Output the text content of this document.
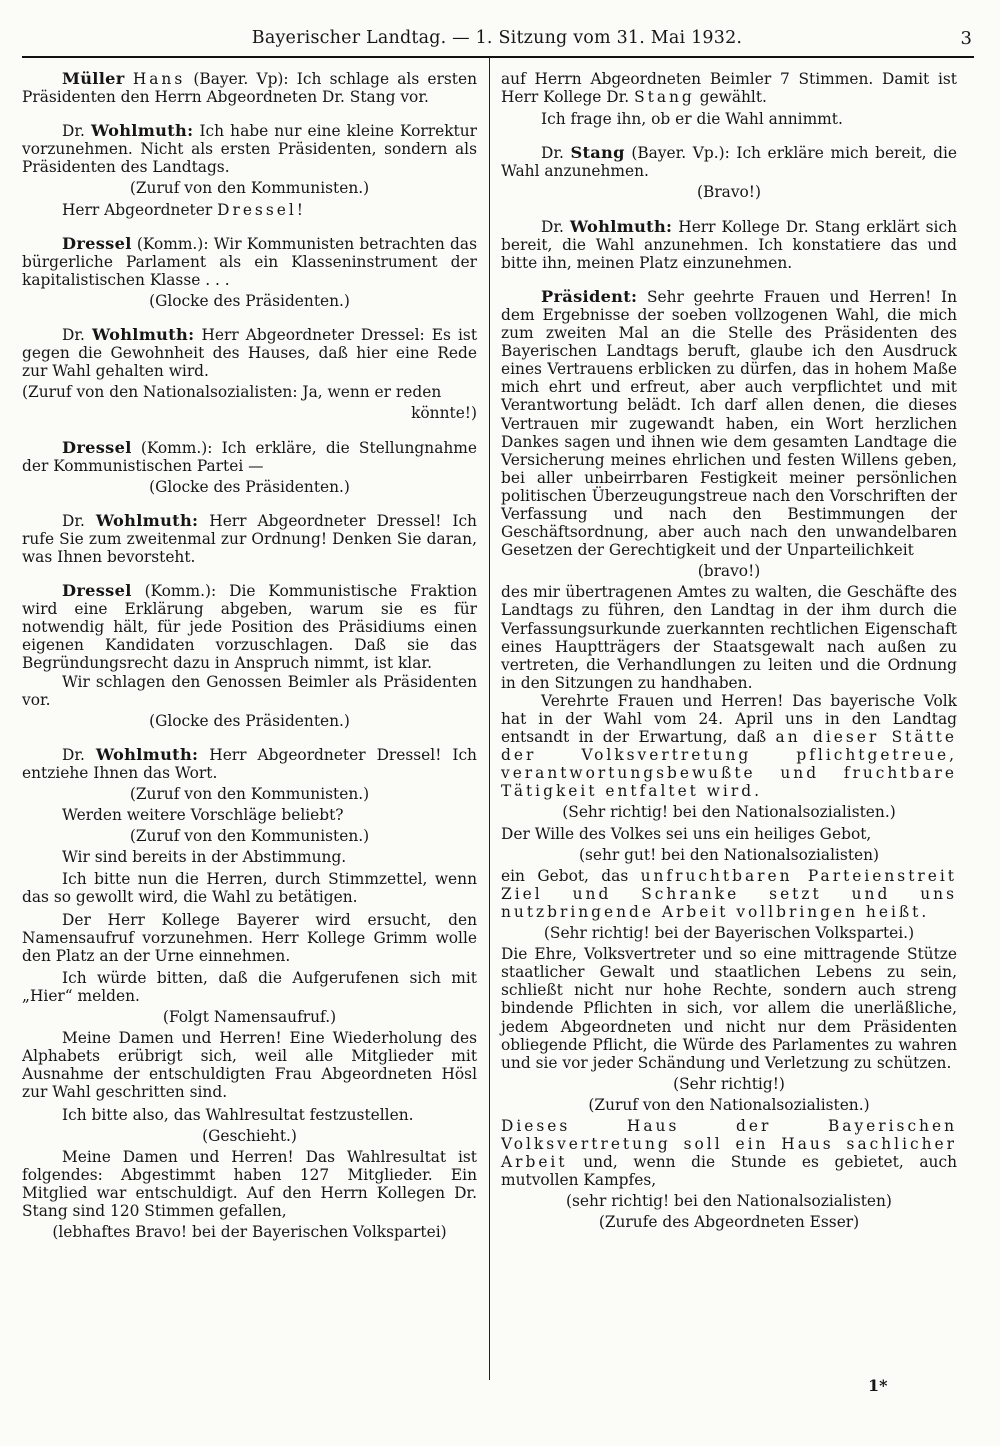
Bayerischer Landtag. — 1. Sitzung vom 31. Mai 1932.	3

Müller Hans (Bayer. Vp): Ich schlage als ersten Präsidenten den Herrn Abgeordneten Dr. Stang vor.

Dr. Wohlmuth: Ich habe nur eine kleine Korrektur vorzunehmen. Nicht als ersten Präsidenten, sondern als Präsidenten des Landtags.

(Zuruf von den Kommunisten.)

Herr Abgeordneter Dressel!

Dressel (Komm.): Wir Kommunisten betrachten das bürgerliche Parlament als ein Klasseninstrument der kapitalistischen Klasse . . .

(Glocke des Präsidenten.)

Dr. Wohlmuth: Herr Abgeordneter Dressel: Es ist gegen die Gewohnheit des Hauses, daß hier eine Rede zur Wahl gehalten wird.

(Zuruf von den Nationalsozialisten: Ja, wenn er reden

könnte!)

Dressel (Komm.): Ich erkläre, die Stellungnahme der Kommunistischen Partei —

(Glocke des Präsidenten.)

Dr. Wohlmuth: Herr Abgeordneter Dressel! Ich rufe Sie zum zweitenmal zur Ordnung! Denken Sie daran, was Ihnen bevorsteht.

Dressel (Komm.): Die Kommunistische Fraktion wird eine Erklärung abgeben, warum sie es für notwendig hält, für jede Position des Präsidiums einen eigenen Kandidaten vorzuschlagen. Daß sie das Begründungsrecht dazu in Anspruch nimmt, ist klar.

Wir schlagen den Genossen Beimler als Präsidenten vor.

(Glocke des Präsidenten.)

Dr. Wohlmuth: Herr Abgeordneter Dressel! Ich entziehe Ihnen das Wort.

(Zuruf von den Kommunisten.)

Werden weitere Vorschläge beliebt?

(Zuruf von den Kommunisten.)

Wir sind bereits in der Abstimmung.

Ich bitte nun die Herren, durch Stimmzettel, wenn das so gewollt wird, die Wahl zu betätigen.

Der Herr Kollege Bayerer wird ersucht, den Namensaufruf vorzunehmen. Herr Kollege Grimm wolle den Platz an der Urne einnehmen.

Ich würde bitten, daß die Aufgerufenen sich mit „Hier“ melden.

(Folgt Namensaufruf.)

Meine Damen und Herren! Eine Wiederholung des Alphabets erübrigt sich, weil alle Mitglieder mit Ausnahme der entschuldigten Frau Abgeordneten Hösl zur Wahl geschritten sind.

Ich bitte also, das Wahlresultat festzustellen.

(Geschieht.)

Meine Damen und Herren! Das Wahlresultat ist folgendes: Abgestimmt haben 127 Mitglieder. Ein Mitglied war entschuldigt. Auf den Herrn Kollegen Dr. Stang sind 120 Stimmen gefallen,

(lebhaftes Bravo! bei der Bayerischen Volkspartei)

auf Herrn Abgeordneten Beimler 7 Stimmen. Damit ist Herr Kollege Dr. Stang gewählt.

Ich frage ihn, ob er die Wahl annimmt.

Dr. Stang (Bayer. Vp.): Ich erkläre mich bereit, die Wahl anzunehmen.

(Bravo!)

Dr. Wohlmuth: Herr Kollege Dr. Stang erklärt sich bereit, die Wahl anzunehmen. Ich konstatiere das und bitte ihn, meinen Platz einzunehmen.

Präsident: Sehr geehrte Frauen und Herren! In dem Ergebnisse der soeben vollzogenen Wahl, die mich zum zweiten Mal an die Stelle des Präsidenten des Bayerischen Landtags beruft, glaube ich den Ausdruck eines Vertrauens erblicken zu dürfen, das in hohem Maße mich ehrt und erfreut, aber auch verpflichtet und mit Verantwortung belädt. Ich darf allen denen, die dieses Vertrauen mir zugewandt haben, ein Wort herzlichen Dankes sagen und ihnen wie dem gesamten Landtage die Versicherung meines ehrlichen und festen Willens geben, bei aller unbeirrbaren Festigkeit meiner persönlichen politischen Überzeugungstreue nach den Vorschriften der Verfassung und nach den Bestimmungen der Geschäftsordnung, aber auch nach den unwandelbaren Gesetzen der Gerechtigkeit und der Unparteilichkeit

(bravo!)

des mir übertragenen Amtes zu walten, die Geschäfte des Landtags zu führen, den Landtag in der ihm durch die Verfassungsurkunde zuerkannten rechtlichen Eigenschaft eines Hauptträgers der Staatsgewalt nach außen zu vertreten, die Verhandlungen zu leiten und die Ordnung in den Sitzungen zu handhaben.

Verehrte Frauen und Herren! Das bayerische Volk hat in der Wahl vom 24. April uns in den Landtag entsandt in der Erwartung, daß an dieser Stätte der Volksvertretung pflichtgetreue, verantwortungsbewußte und fruchtbare Tätigkeit entfaltet wird.

(Sehr richtig! bei den Nationalsozialisten.)

Der Wille des Volkes sei uns ein heiliges Gebot,

(sehr gut! bei den Nationalsozialisten)

ein Gebot, das unfruchtbaren Parteienstreit Ziel und Schranke setzt und uns nutzbringende Arbeit vollbringen heißt.

(Sehr richtig! bei der Bayerischen Volkspartei.)

Die Ehre, Volksvertreter und so eine mittragende Stütze staatlicher Gewalt und staatlichen Lebens zu sein, schließt nicht nur hohe Rechte, sondern auch streng bindende Pflichten in sich, vor allem die unerläßliche, jedem Abgeordneten und nicht nur dem Präsidenten obliegende Pflicht, die Würde des Parlamentes zu wahren und sie vor jeder Schändung und Verletzung zu schützen.

(Sehr richtig!)

(Zuruf von den Nationalsozialisten.)

Dieses Haus der Bayerischen Volksvertretung soll ein Haus sachlicher Arbeit und, wenn die Stunde es gebietet, auch mutvollen Kampfes,

(sehr richtig! bei den Nationalsozialisten)

(Zurufe des Abgeordneten Esser)

1*
